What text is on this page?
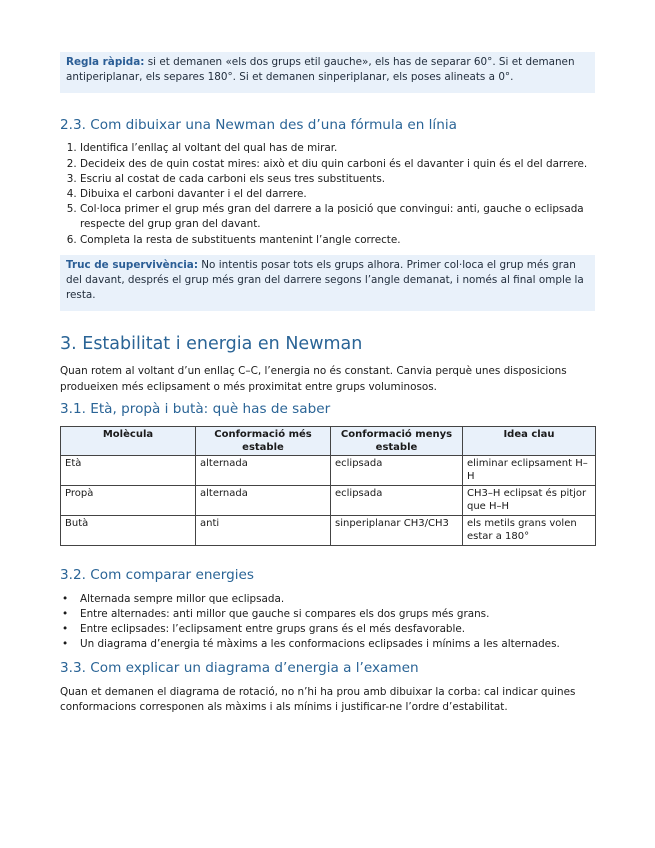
Regla ràpida: si et demanen «els dos grups etil gauche», els has de separar 60°. Si et demanen antiperiplanar, els separes 180°. Si et demanen sinperiplanar, els poses alineats a 0°.
2.3. Com dibuixar una Newman des d’una fórmula en línia
1. Identifica l’enllaç al voltant del qual has de mirar.
2. Decideix des de quin costat mires: això et diu quin carboni és el davanter i quin és el del darrere.
3. Escriu al costat de cada carboni els seus tres substituents.
4. Dibuixa el carboni davanter i el del darrere.
5. Col·loca primer el grup més gran del darrere a la posició que convingui: anti, gauche o eclipsada respecte del grup gran del davant.
6. Completa la resta de substituents mantenint l’angle correcte.
Truc de supervivència: No intentis posar tots els grups alhora. Primer col·loca el grup més gran del davant, després el grup més gran del darrere segons l’angle demanat, i només al final omple la resta.
3. Estabilitat i energia en Newman

Quan rotem al voltant d’un enllaç C–C, l’energia no és constant. Canvia perquè unes disposicions produeixen més eclipsament o més proximitat entre grups voluminosos.

3.1. Età, propà i butà: què has de saber
Molècula	Conformació més estable	Conformació menys estable	Idea clau
Età	alternada	eclipsada	eliminar eclipsament H–H
Propà	alternada	eclipsada	CH3–H eclipsat és pitjor que H–H
Butà	anti	sinperiplanar CH3/CH3	els metils grans volen estar a 180°
3.2. Com comparar energies
• Alternada sempre millor que eclipsada.
• Entre alternades: anti millor que gauche si compares els dos grups més grans.
• Entre eclipsades: l’eclipsament entre grups grans és el més desfavorable.
• Un diagrama d’energia té màxims a les conformacions eclipsades i mínims a les alternades.
3.3. Com explicar un diagrama d’energia a l’examen

Quan et demanen el diagrama de rotació, no n’hi ha prou amb dibuixar la corba: cal indicar quines conformacions corresponen als màxims i als mínims i justificar-ne l’ordre d’estabilitat.
